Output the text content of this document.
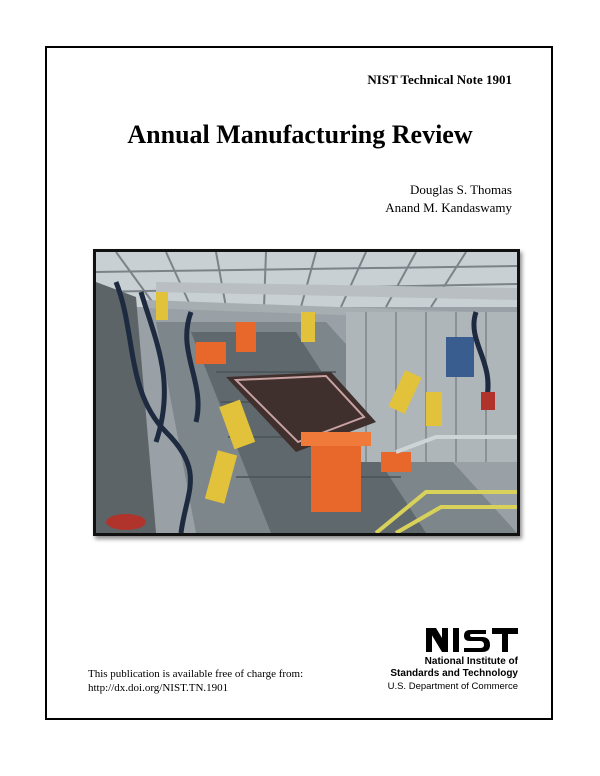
NIST Technical Note 1901
Annual Manufacturing Review
Douglas S. Thomas
Anand M. Kandaswamy
This publication is available free of charge from:
http://dx.doi.org/NIST.TN.1901
National Institute of
Standards and Technology
U.S. Department of Commerce
